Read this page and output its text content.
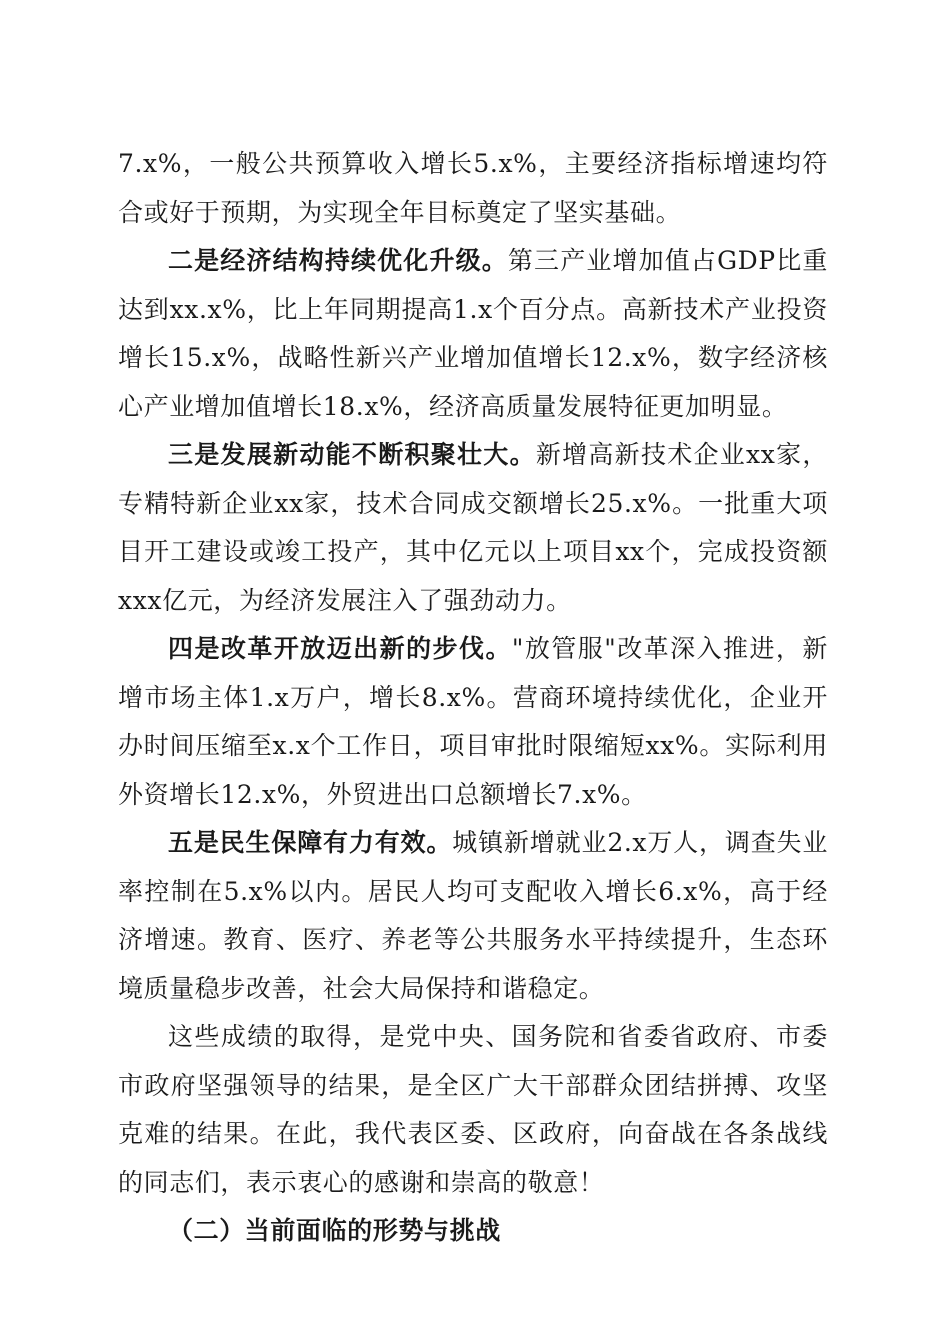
7.x%，一般公共预算收入增长5.x%，主要经济指标增速均符合或好于预期，为实现全年目标奠定了坚实基础。

二是经济结构持续优化升级。第三产业增加值占GDP比重达到xx.x%，比上年同期提高1.x个百分点。高新技术产业投资增长15.x%，战略性新兴产业增加值增长12.x%，数字经济核心产业增加值增长18.x%，经济高质量发展特征更加明显。

三是发展新动能不断积聚壮大。新增高新技术企业xx家，专精特新企业xx家，技术合同成交额增长25.x%。一批重大项目开工建设或竣工投产，其中亿元以上项目xx个，完成投资额xxx亿元，为经济发展注入了强劲动力。

四是改革开放迈出新的步伐。"放管服"改革深入推进，新增市场主体1.x万户，增长8.x%。营商环境持续优化，企业开办时间压缩至x.x个工作日，项目审批时限缩短xx%。实际利用外资增长12.x%，外贸进出口总额增长7.x%。

五是民生保障有力有效。城镇新增就业2.x万人，调查失业率控制在5.x%以内。居民人均可支配收入增长6.x%，高于经济增速。教育、医疗、养老等公共服务水平持续提升，生态环境质量稳步改善，社会大局保持和谐稳定。

这些成绩的取得，是党中央、国务院和省委省政府、市委市政府坚强领导的结果，是全区广大干部群众团结拼搏、攻坚克难的结果。在此，我代表区委、区政府，向奋战在各条战线的同志们，表示衷心的感谢和崇高的敬意！

（二）当前面临的形势与挑战
